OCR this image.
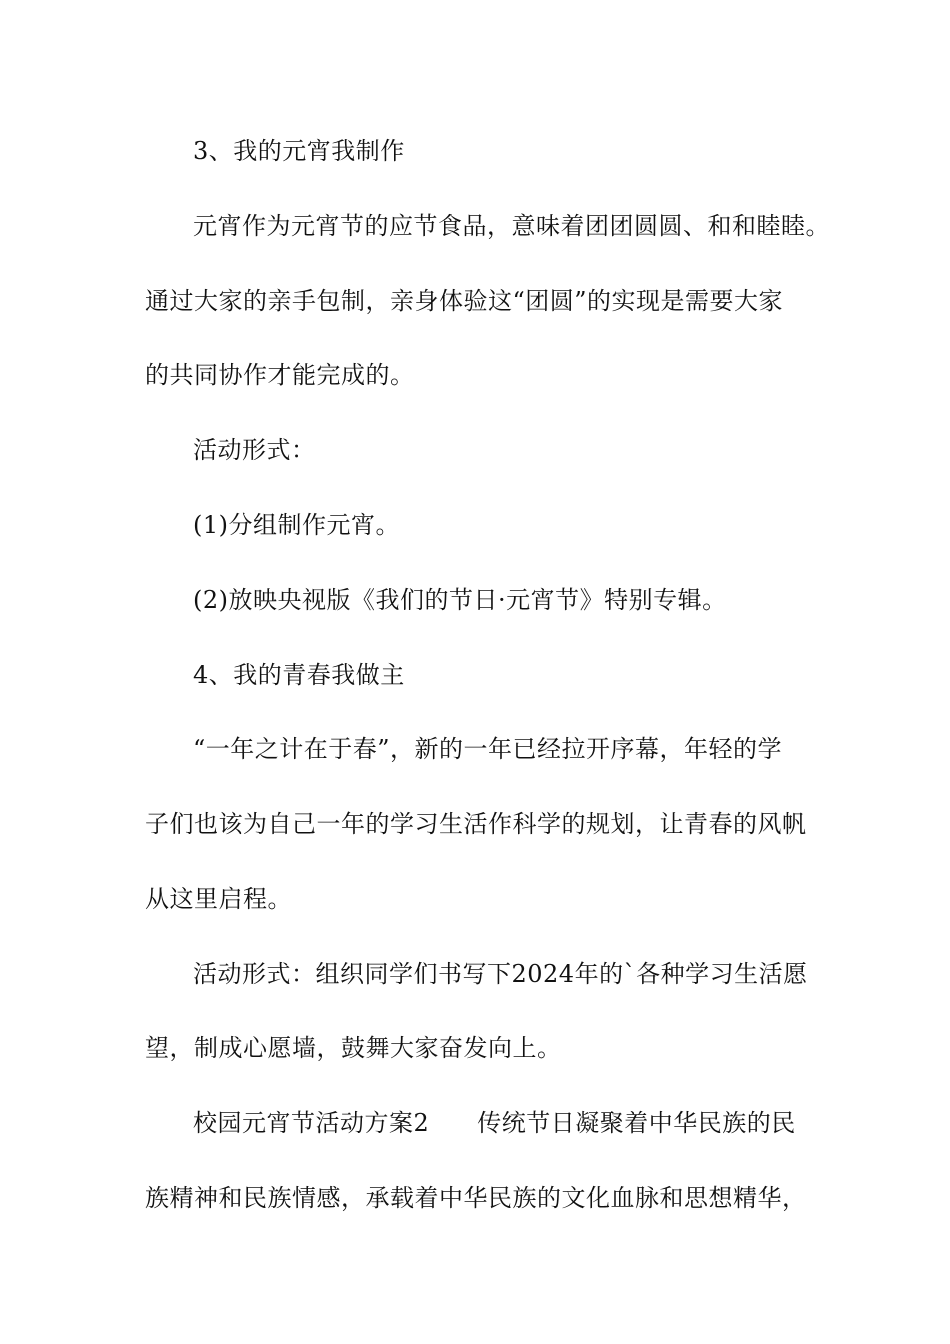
3、我的元宵我制作
元宵作为元宵节的应节食品，意味着团团圆圆、和和睦睦。
通过大家的亲手包制，亲身体验这“团圆”的实现是需要大家
的共同协作才能完成的。
活动形式：
(1)分组制作元宵。
(2)放映央视版《我们的节日·元宵节》特别专辑。
4、我的青春我做主
“一年之计在于春”，新的一年已经拉开序幕，年轻的学
子们也该为自己一年的学习生活作科学的规划，让青春的风帆
从这里启程。
活动形式：组织同学们书写下2024年的`各种学习生活愿
望，制成心愿墙，鼓舞大家奋发向上。
校园元宵节活动方案2 传统节日凝聚着中华民族的民
族精神和民族情感，承载着中华民族的文化血脉和思想精华，
